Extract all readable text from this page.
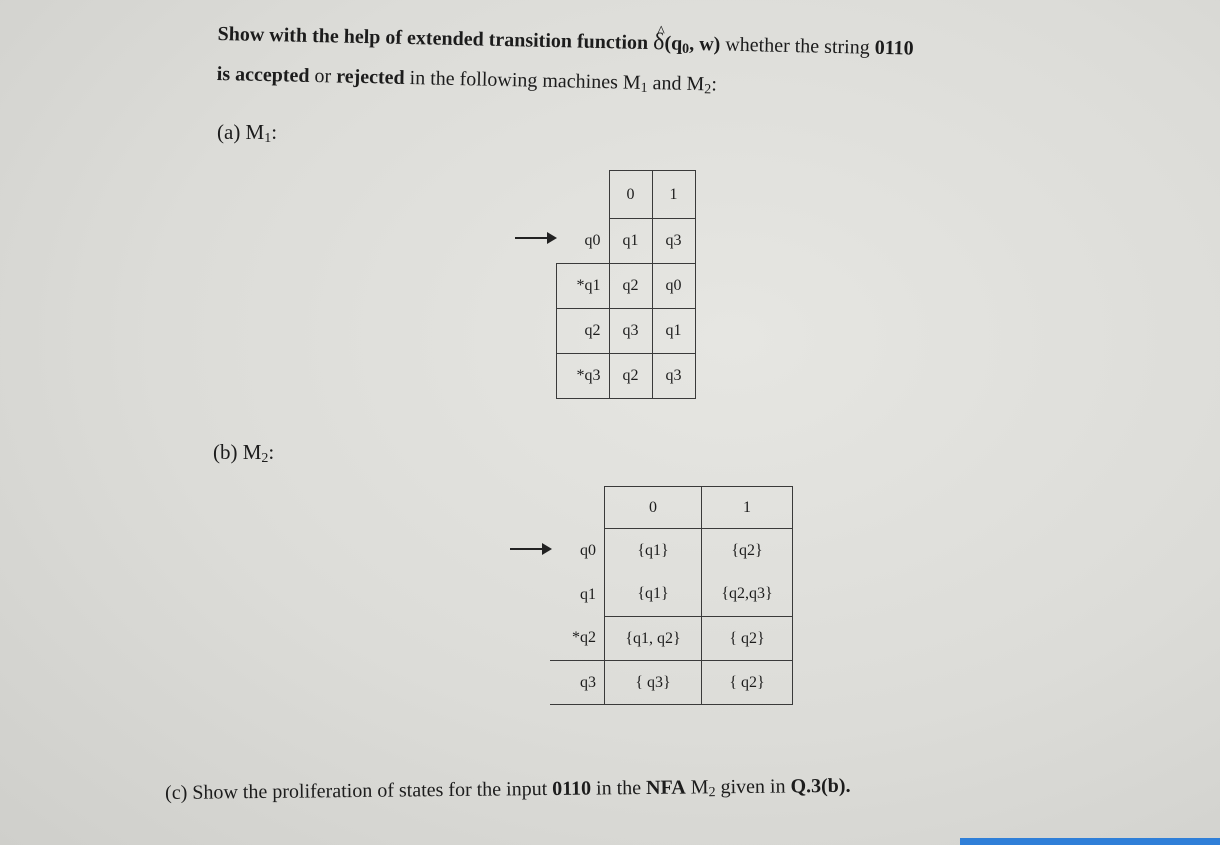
Show with the help of extended transition function ^ $\delta(q_0$, w) whether the string 0110
is accepted or rejected in the following machines $M_1$ and $M_2$:
(a) $M_1$:
	0	1
q0	q1	q3
*q1	q2	q0
q2	q3	q1
*q3	q2	q3
(b) $M_2$:
	0	1
q0	{q1}	{q2}
q1	{q1}	{q2,q3}
*q2	{q1, q2}	{ q2}
q3	{ q3}	{ q2}
(c) Show the proliferation of states for the input 0110 in the NFA $M_2$ given in Q.3(b).
